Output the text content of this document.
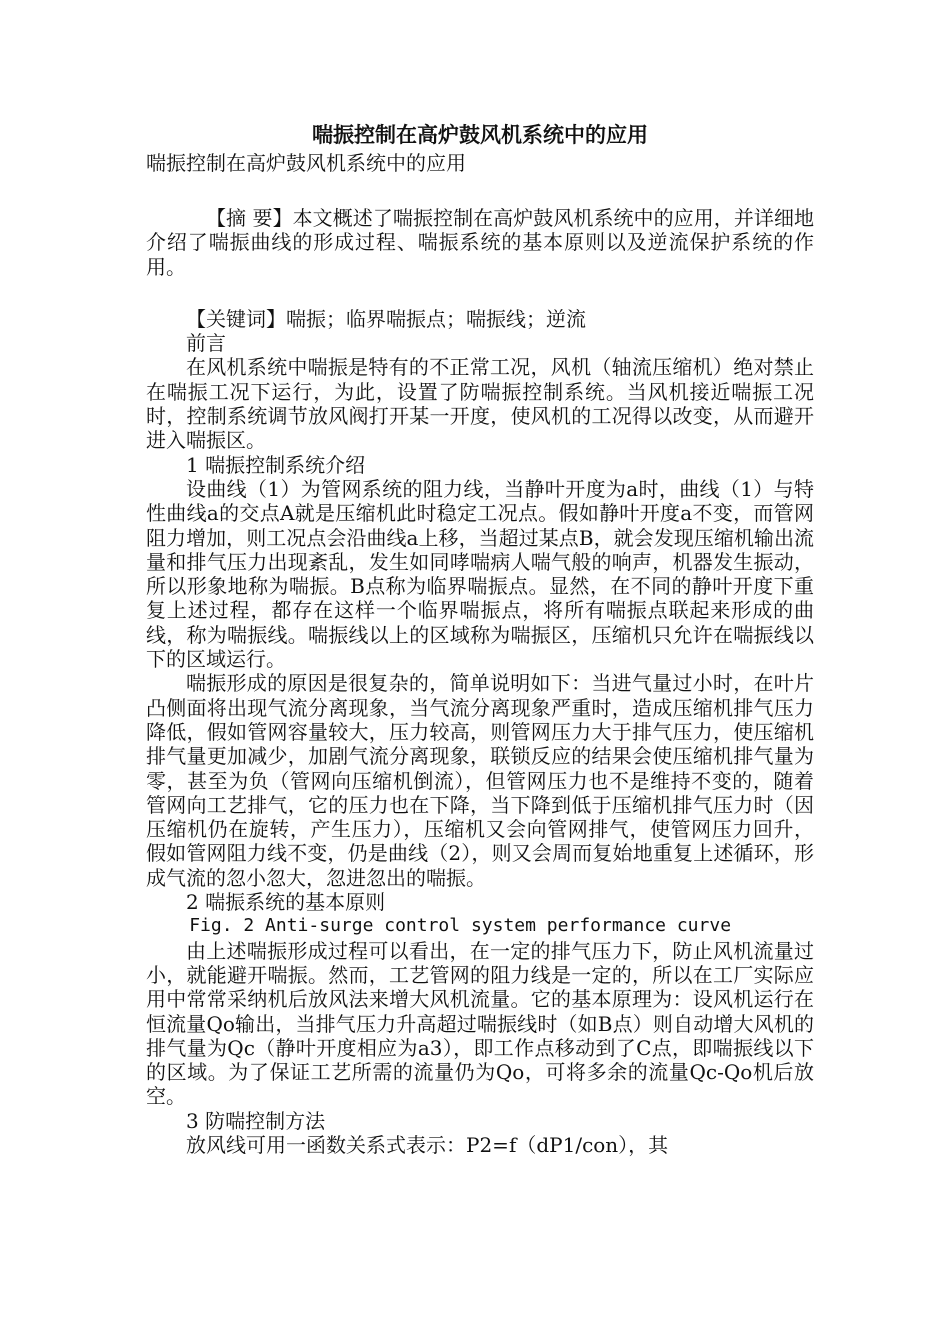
喘振控制在高炉鼓风机系统中的应用

喘振控制在高炉鼓风机系统中的应用

【摘 要】本文概述了喘振控制在高炉鼓风机系统中的应用，并详细地介绍了喘振曲线的形成过程、喘振系统的基本原则以及逆流保护系统的作用。

【关键词】喘振；临界喘振点；喘振线；逆流

前言

在风机系统中喘振是特有的不正常工况，风机（轴流压缩机）绝对禁止在喘振工况下运行，为此，设置了防喘振控制系统。当风机接近喘振工况时，控制系统调节放风阀打开某一开度，使风机的工况得以改变，从而避开进入喘振区。

1 喘振控制系统介绍

设曲线（1）为管网系统的阻力线，当静叶开度为a时，曲线（1）与特性曲线a的交点A就是压缩机此时稳定工况点。假如静叶开度a不变，而管网阻力增加，则工况点会沿曲线a上移，当超过某点B，就会发现压缩机输出流量和排气压力出现紊乱，发生如同哮喘病人喘气般的响声，机器发生振动，所以形象地称为喘振。B点称为临界喘振点。显然，在不同的静叶开度下重复上述过程，都存在这样一个临界喘振点，将所有喘振点联起来形成的曲线，称为喘振线。喘振线以上的区域称为喘振区，压缩机只允许在喘振线以下的区域运行。

喘振形成的原因是很复杂的，简单说明如下：当进气量过小时，在叶片凸侧面将出现气流分离现象，当气流分离现象严重时，造成压缩机排气压力降低，假如管网容量较大，压力较高，则管网压力大于排气压力，使压缩机排气量更加减少，加剧气流分离现象，联锁反应的结果会使压缩机排气量为零，甚至为负（管网向压缩机倒流），但管网压力也不是维持不变的，随着管网向工艺排气，它的压力也在下降，当下降到低于压缩机排气压力时（因压缩机仍在旋转，产生压力），压缩机又会向管网排气，使管网压力回升，假如管网阻力线不变，仍是曲线（2），则又会周而复始地重复上述循环，形成气流的忽小忽大，忽进忽出的喘振。

2 喘振系统的基本原则

Fig. 2 Anti-surge control system performance curve

由上述喘振形成过程可以看出，在一定的排气压力下，防止风机流量过小，就能避开喘振。然而，工艺管网的阻力线是一定的，所以在工厂实际应用中常常采纳机后放风法来增大风机流量。它的基本原理为：设风机运行在恒流量Qo输出，当排气压力升高超过喘振线时（如B点）则自动增大风机的排气量为Qc（静叶开度相应为a3），即工作点移动到了C点，即喘振线以下的区域。为了保证工艺所需的流量仍为Qo，可将多余的流量Qc-Qo机后放空。

3 防喘控制方法

放风线可用一函数关系式表示：P2=f（dP1/con），其
